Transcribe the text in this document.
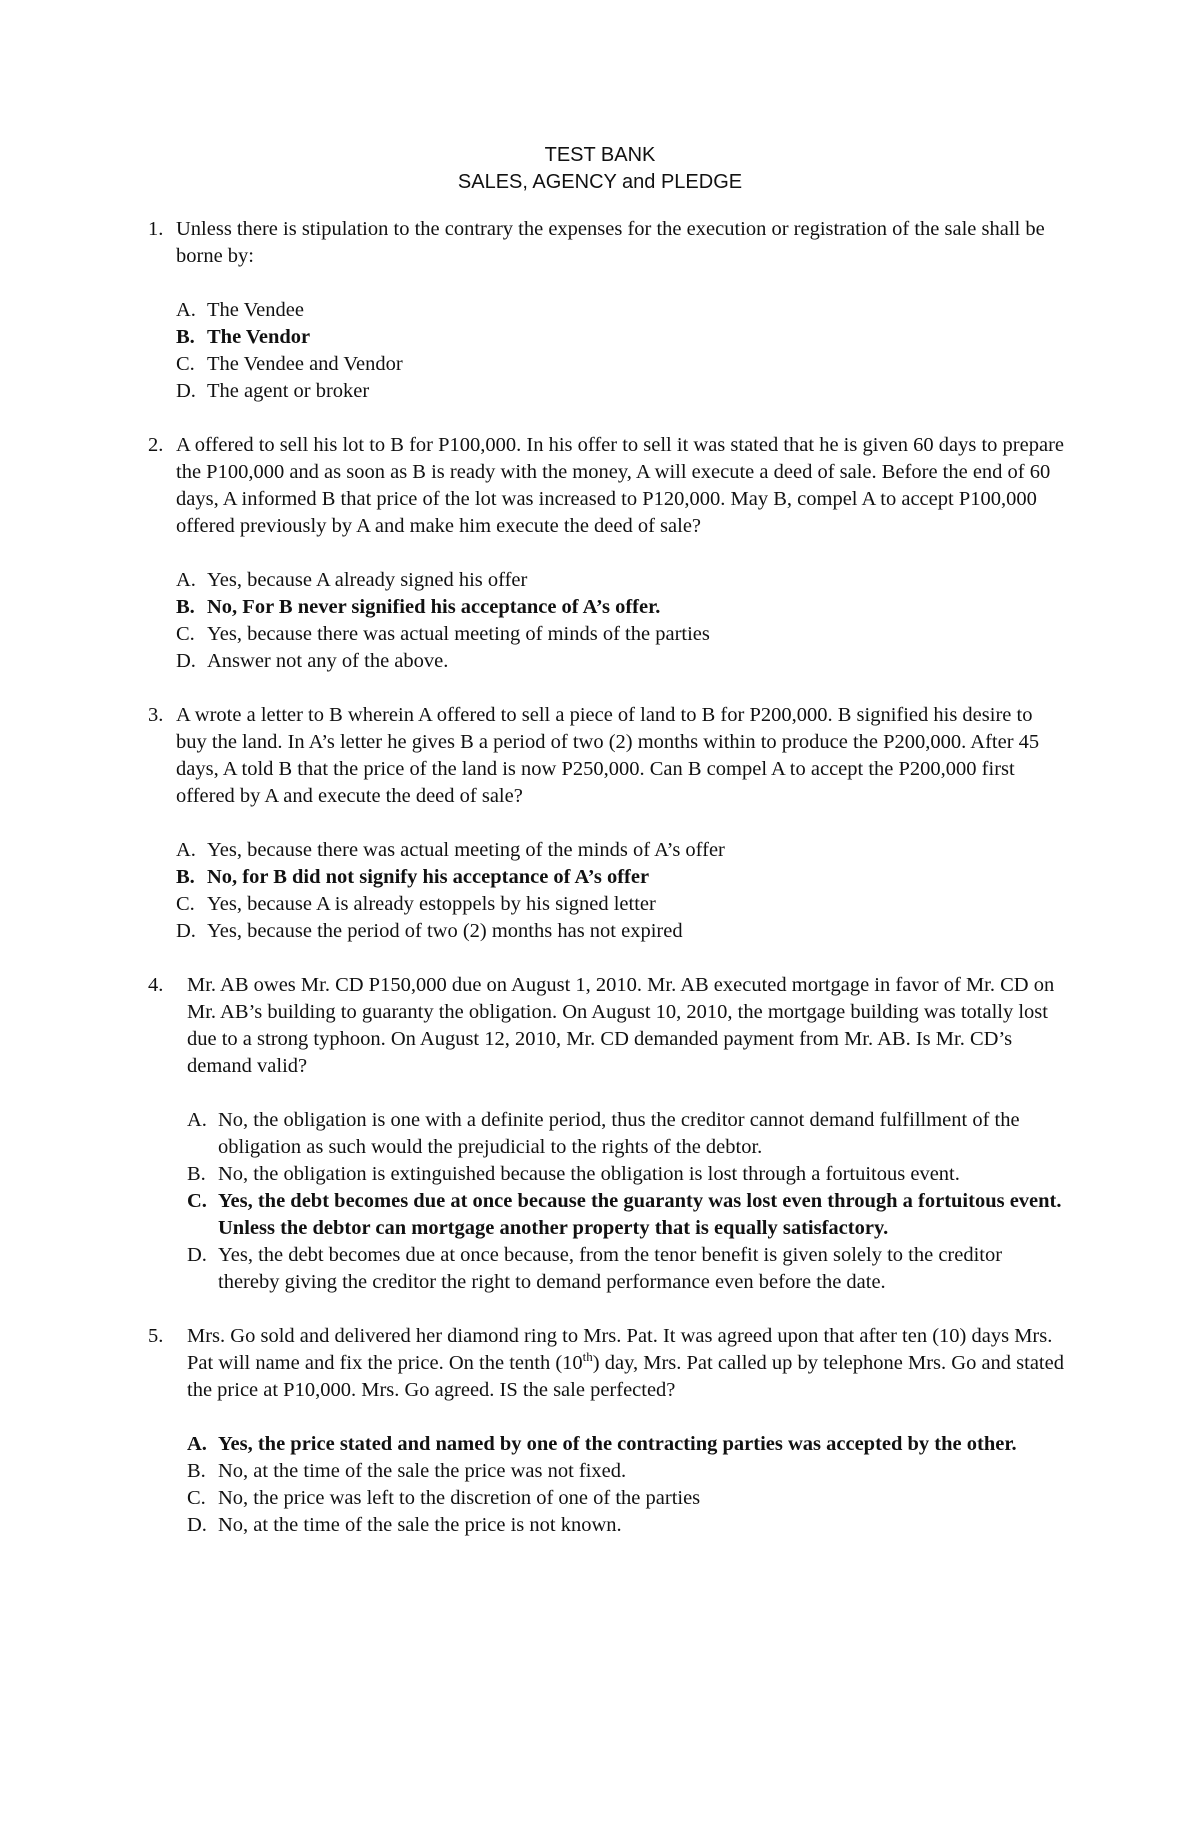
TEST BANK
SALES, AGENCY and PLEDGE
1. Unless there is stipulation to the contrary the expenses for the execution or registration of the sale shall be borne by:
A. The Vendee
B. The Vendor
C. The Vendee and Vendor
D. The agent or broker
2. A offered to sell his lot to B for P100,000. In his offer to sell it was stated that he is given 60 days to prepare the P100,000 and as soon as B is ready with the money, A will execute a deed of sale. Before the end of 60 days, A informed B that price of the lot was increased to P120,000. May B, compel A to accept P100,000 offered previously by A and make him execute the deed of sale?
A. Yes, because A already signed his offer
B. No, For B never signified his acceptance of A’s offer.
C. Yes, because there was actual meeting of minds of the parties
D. Answer not any of the above.
3. A wrote a letter to B wherein A offered to sell a piece of land to B for P200,000. B signified his desire to buy the land. In A’s letter he gives B a period of two (2) months within to produce the P200,000. After 45 days, A told B that the price of the land is now P250,000. Can B compel A to accept the P200,000 first offered by A and execute the deed of sale?
A. Yes, because there was actual meeting of the minds of A’s offer
B. No, for B did not signify his acceptance of A’s offer
C. Yes, because A is already estoppels by his signed letter
D. Yes, because the period of two (2) months has not expired
4.	Mr. AB owes Mr. CD P150,000 due on August 1, 2010. Mr. AB executed mortgage in favor of Mr. CD on Mr. AB’s building to guaranty the obligation. On August 10, 2010, the mortgage building was totally lost due to a strong typhoon. On August 12, 2010, Mr. CD demanded payment from Mr. AB. Is Mr. CD’s demand valid?
A. No, the obligation is one with a definite period, thus the creditor cannot demand fulfillment of the obligation as such would the prejudicial to the rights of the debtor.
B. No, the obligation is extinguished because the obligation is lost through a fortuitous event.
C. Yes, the debt becomes due at once because the guaranty was lost even through a fortuitous event. Unless the debtor can mortgage another property that is equally satisfactory.
D. Yes, the debt becomes due at once because, from the tenor benefit is given solely to the creditor thereby giving the creditor the right to demand performance even before the date.
5.	Mrs. Go sold and delivered her diamond ring to Mrs. Pat. It was agreed upon that after ten (10) days Mrs. Pat will name and fix the price. On the tenth (10th) day, Mrs. Pat called up by telephone Mrs. Go and stated the price at P10,000. Mrs. Go agreed. IS the sale perfected?
A. Yes, the price stated and named by one of the contracting parties was accepted by the other.
B. No, at the time of the sale the price was not fixed.
C. No, the price was left to the discretion of one of the parties
D. No, at the time of the sale the price is not known.
